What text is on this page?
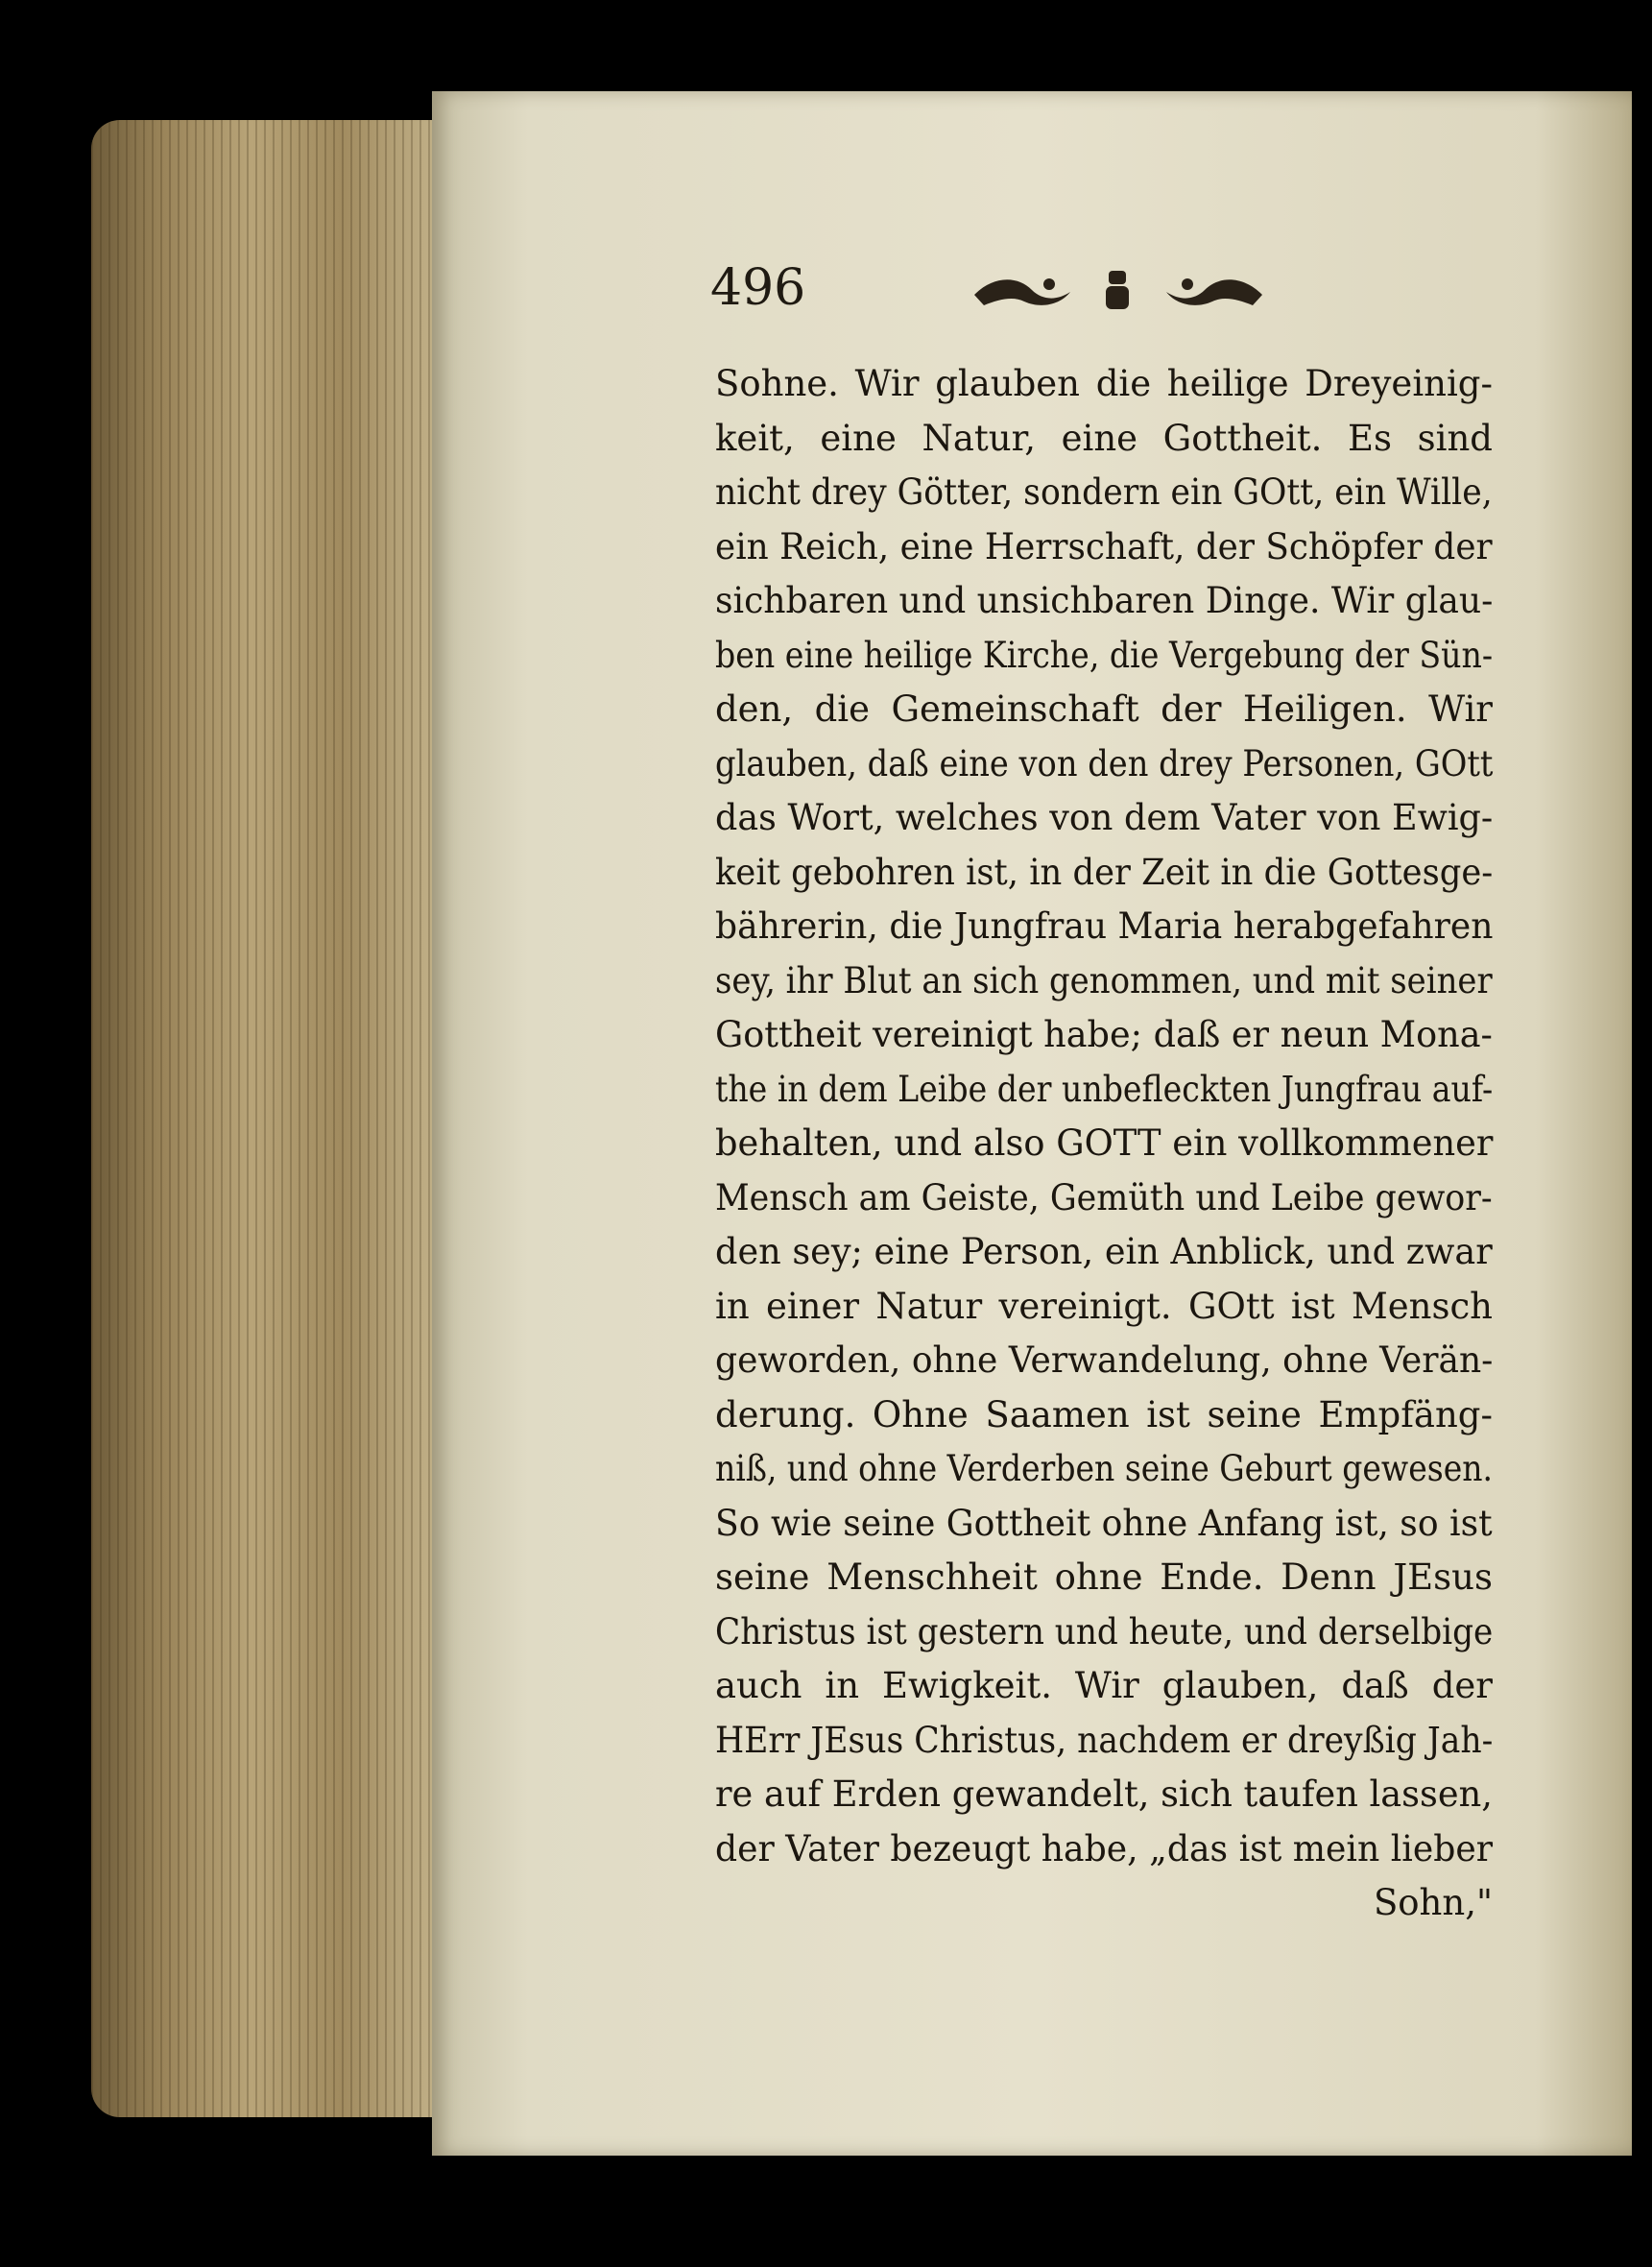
496

Sohne. Wir glauben die heilige Dreyeinig-
keit, eine Natur, eine Gottheit. Es sind
nicht drey Götter, sondern ein GOtt, ein Wille,
ein Reich, eine Herrschaft, der Schöpfer der
sichbaren und unsichbaren Dinge. Wir glau-
ben eine heilige Kirche, die Vergebung der Sün-
den, die Gemeinschaft der Heiligen. Wir
glauben, daß eine von den drey Personen, GOtt
das Wort, welches von dem Vater von Ewig-
keit gebohren ist, in der Zeit in die Gottesge-
bährerin, die Jungfrau Maria herabgefahren
sey, ihr Blut an sich genommen, und mit seiner
Gottheit vereinigt habe; daß er neun Mona-
the in dem Leibe der unbefleckten Jungfrau auf-
behalten, und also GOTT ein vollkommener
Mensch am Geiste, Gemüth und Leibe gewor-
den sey; eine Person, ein Anblick, und zwar
in einer Natur vereinigt. GOtt ist Mensch
geworden, ohne Verwandelung, ohne Verän-
derung. Ohne Saamen ist seine Empfäng-
niß, und ohne Verderben seine Geburt gewesen.
So wie seine Gottheit ohne Anfang ist, so ist
seine Menschheit ohne Ende. Denn JEsus
Christus ist gestern und heute, und derselbige
auch in Ewigkeit. Wir glauben, daß der
HErr JEsus Christus, nachdem er dreyßig Jah-
re auf Erden gewandelt, sich taufen lassen,
der Vater bezeugt habe, „das ist mein lieber
Sohn,"
